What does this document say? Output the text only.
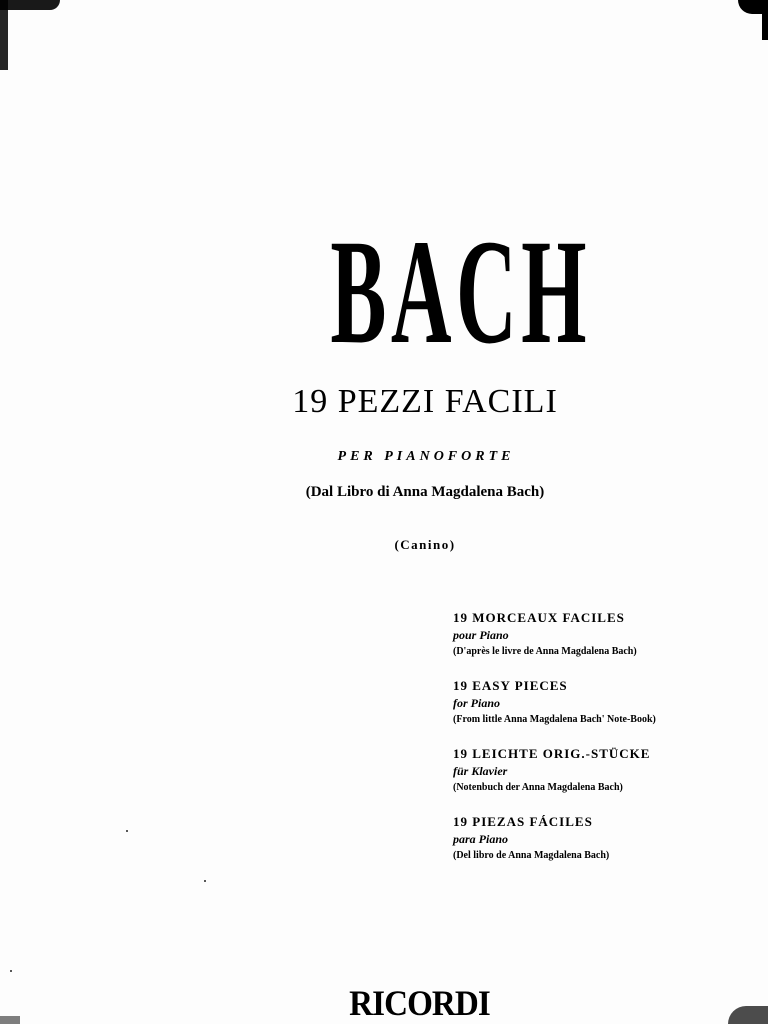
BACH
19 PEZZI FACILI
PER PIANOFORTE
(Dal Libro di Anna Magdalena Bach)
(Canino)
19 MORCEAUX FACILES
pour Piano
(D'après le livre de Anna Magdalena Bach)
19 EASY PIECES
for Piano
(From little Anna Magdalena Bach' Note-Book)
19 LEICHTE ORIG.-STÜCKE
für Klavier
(Notenbuch der Anna Magdalena Bach)
19 PIEZAS FÁCILES
para Piano
(Del libro de Anna Magdalena Bach)
RICORDI
